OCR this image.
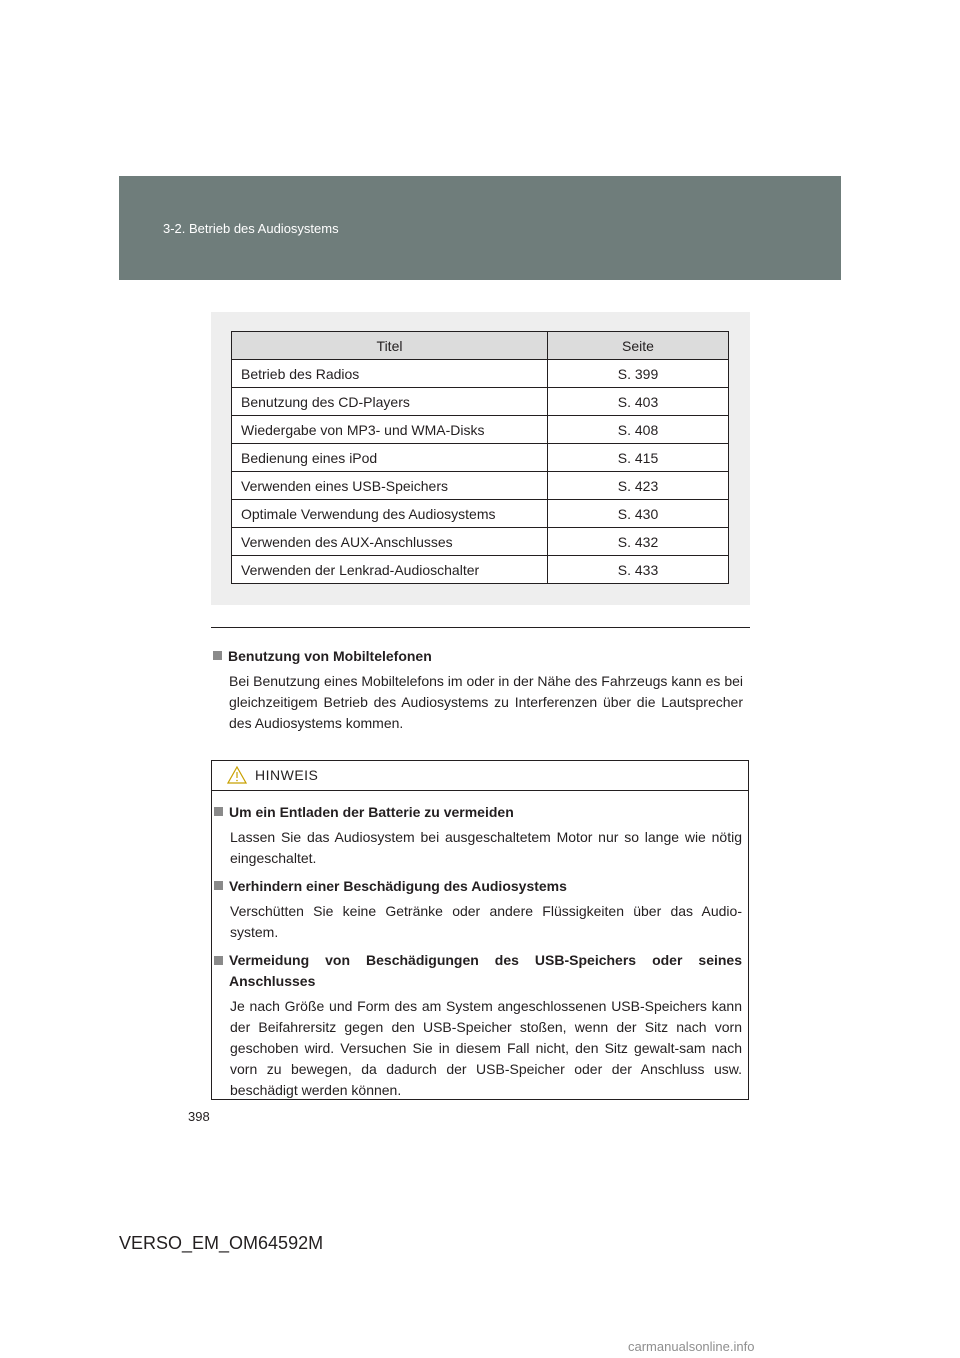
3-2. Betrieb des Audiosystems
Titel	Seite
Betrieb des Radios	S. 399
Benutzung des CD-Players	S. 403
Wiedergabe von MP3- und WMA-Disks	S. 408
Bedienung eines iPod	S. 415
Verwenden eines USB-Speichers	S. 423
Optimale Verwendung des Audiosystems	S. 430
Verwenden des AUX-Anschlusses	S. 432
Verwenden der Lenkrad-Audioschalter	S. 433
Benutzung von Mobiltelefonen
Bei Benutzung eines Mobiltelefons im oder in der Nähe des Fahrzeugs kann es bei gleichzeitigem Betrieb des Audiosystems zu Interferenzen über die Lautsprecher des Audiosystems kommen.
HINWEIS
Um ein Entladen der Batterie zu vermeiden
Lassen Sie das Audiosystem bei ausgeschaltetem Motor nur so lange wie nötig eingeschaltet.
Verhindern einer Beschädigung des Audiosystems
Verschütten Sie keine Getränke oder andere Flüssigkeiten über das Audio-system.
Vermeidung von Beschädigungen des USB-Speichers oder seines Anschlusses
Je nach Größe und Form des am System angeschlossenen USB-Speichers kann der Beifahrersitz gegen den USB-Speicher stoßen, wenn der Sitz nach vorn geschoben wird. Versuchen Sie in diesem Fall nicht, den Sitz gewalt-sam nach vorn zu bewegen, da dadurch der USB-Speicher oder der Anschluss usw. beschädigt werden können.
398
VERSO_EM_OM64592M
carmanualsonline.info
